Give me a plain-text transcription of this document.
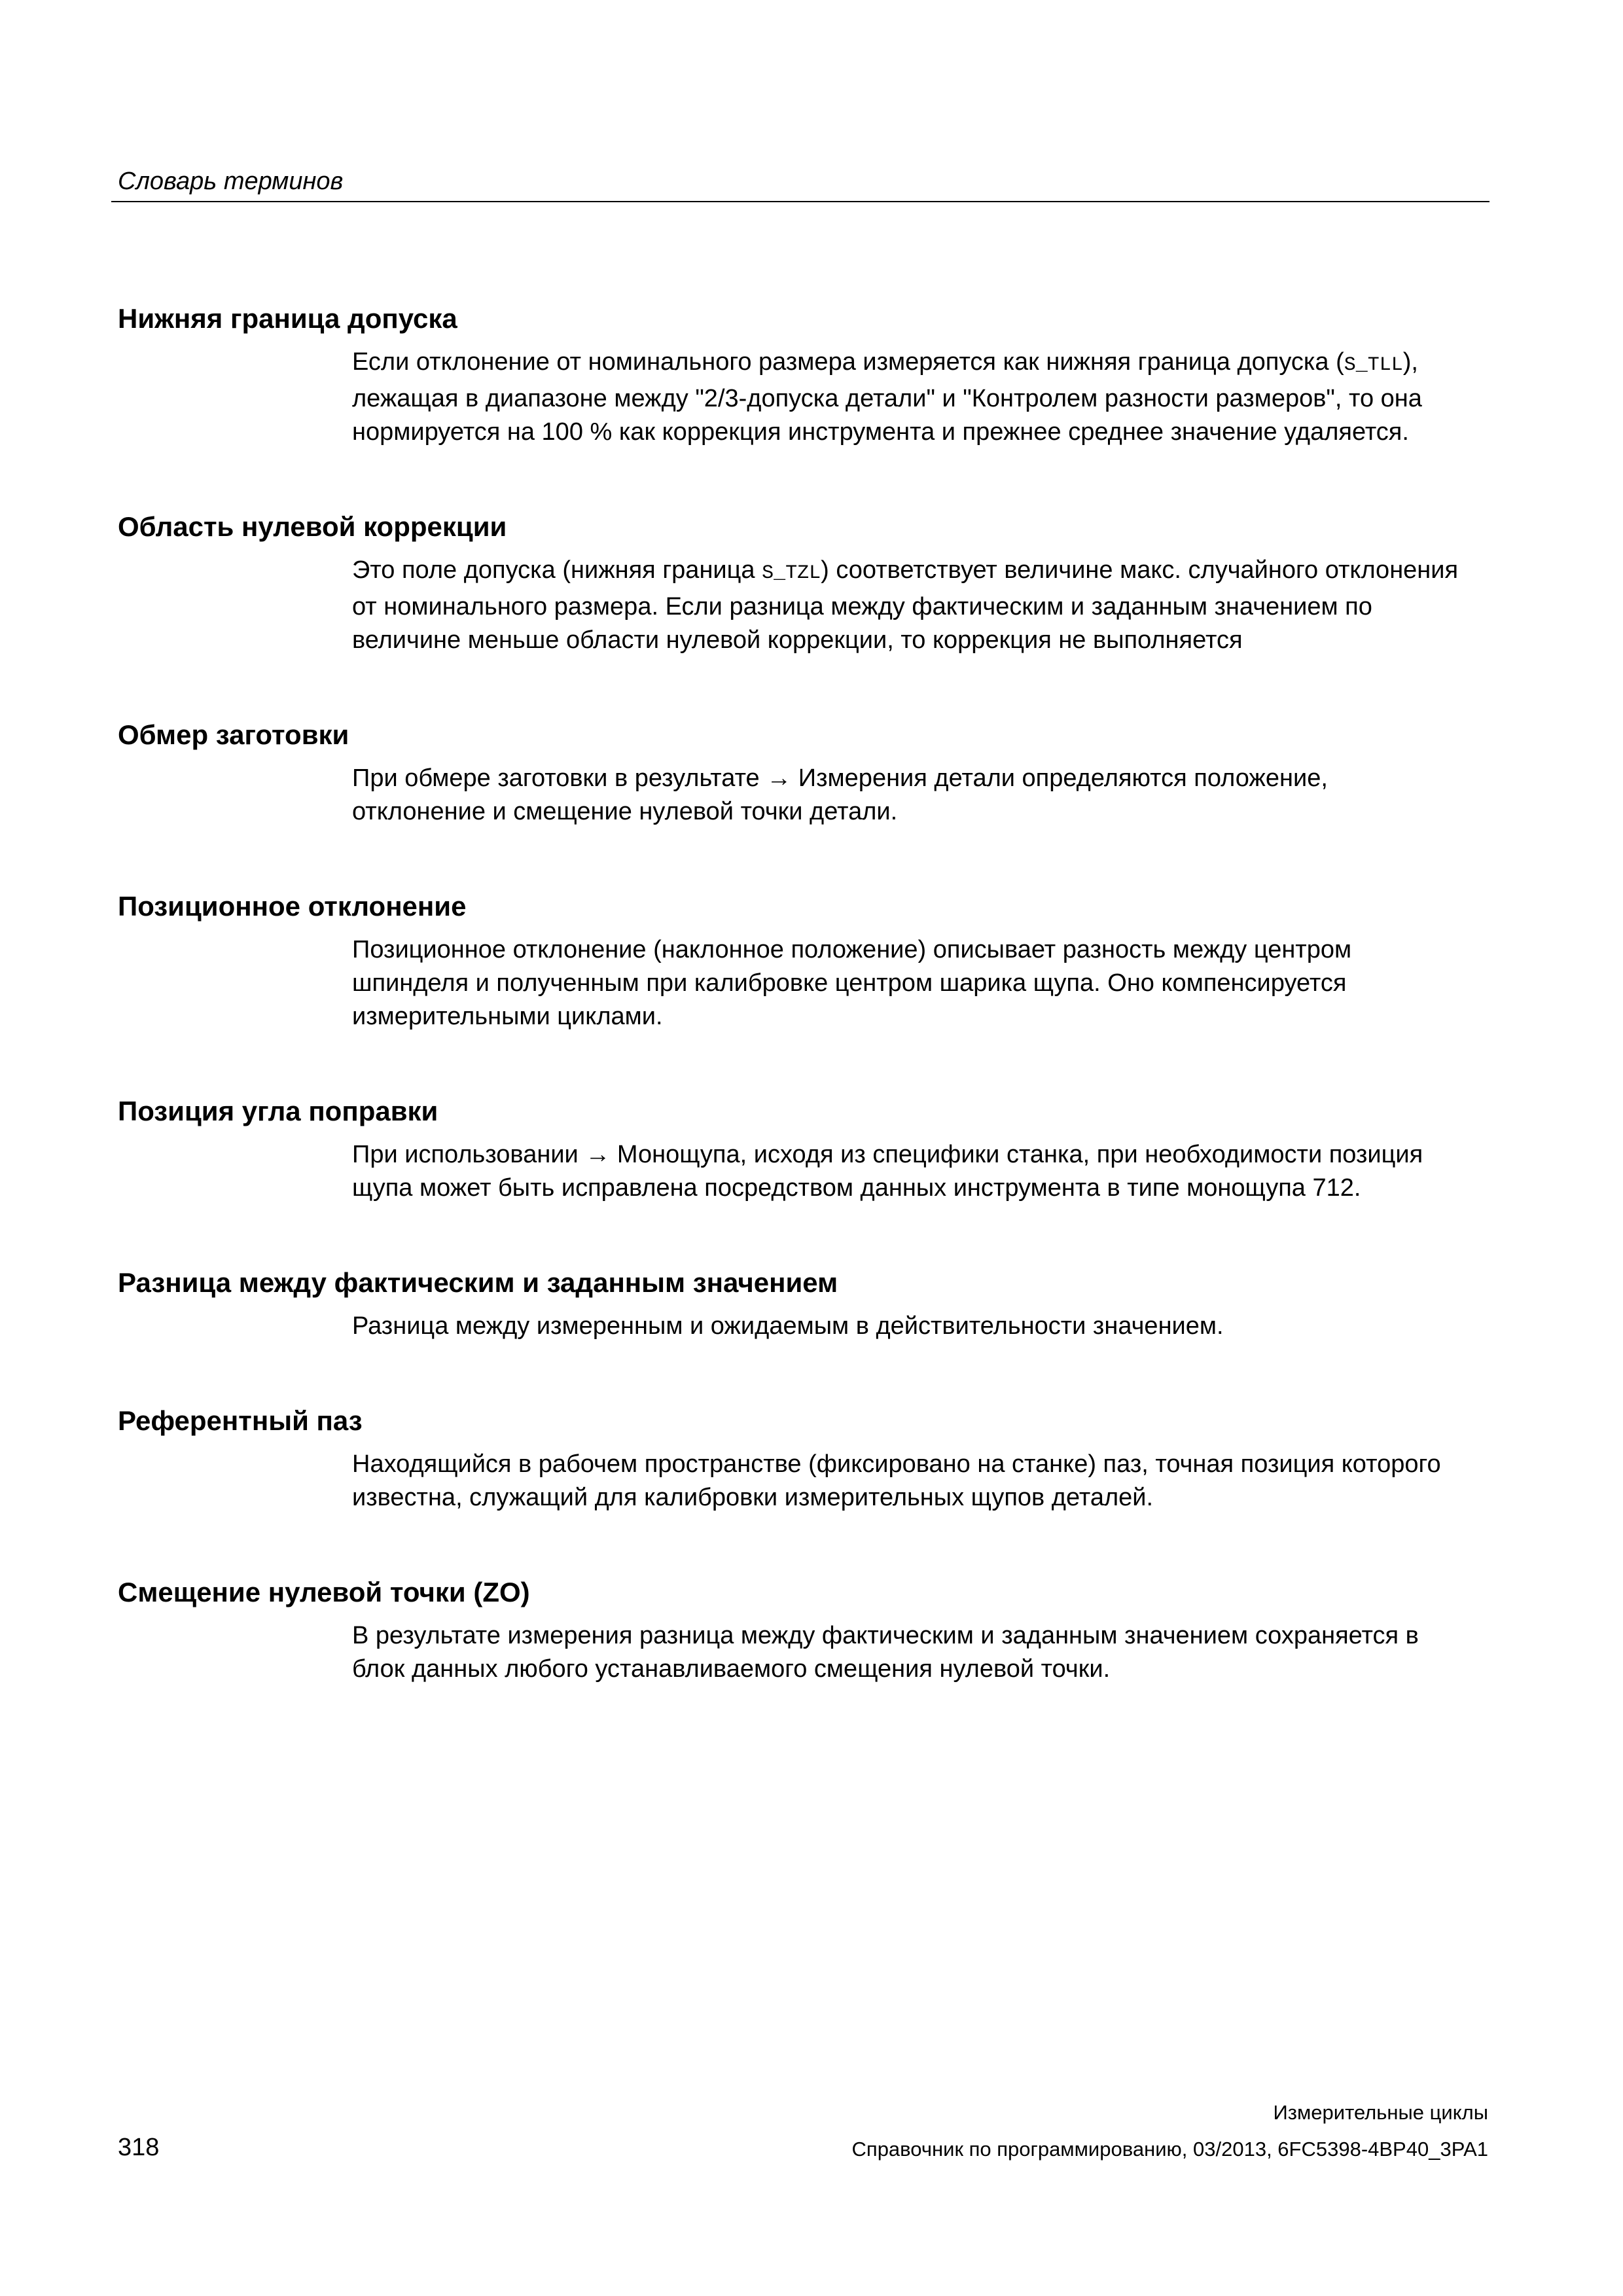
Словарь терминов
Нижняя граница допуска

Если отклонение от номинального размера измеряется как нижняя граница допуска (S_TLL), лежащая в диапазоне между "2/3-допуска детали" и "Контролем разности размеров", то она нормируется на 100 % как коррекция инструмента и прежнее среднее значение удаляется.

Область нулевой коррекции

Это поле допуска (нижняя граница S_TZL) соответствует величине макс. случайного отклонения от номинального размера. Если разница между фактическим и заданным значением по величине меньше области нулевой коррекции, то коррекция не выполняется

Обмер заготовки

При обмере заготовки в результате → Измерения детали определяются положение, отклонение и смещение нулевой точки детали.

Позиционное отклонение

Позиционное отклонение (наклонное положение) описывает разность между центром шпинделя и полученным при калибровке центром шарика щупа. Оно компенсируется измерительными циклами.

Позиция угла поправки

При использовании → Монощупа, исходя из специфики станка, при необходимости позиция щупа может быть исправлена посредством данных инструмента в типе монощупа 712.

Разница между фактическим и заданным значением

Разница между измеренным и ожидаемым в действительности значением.

Референтный паз

Находящийся в рабочем пространстве (фиксировано на станке) паз, точная позиция которого известна, служащий для калибровки измерительных щупов деталей.

Смещение нулевой точки (ZO)

В результате измерения разница между фактическим и заданным значением сохраняется в блок данных любого устанавливаемого смещения нулевой точки.

Измерительные циклы
318	Справочник по программированию, 03/2013, 6FC5398-4BP40_3PA1
